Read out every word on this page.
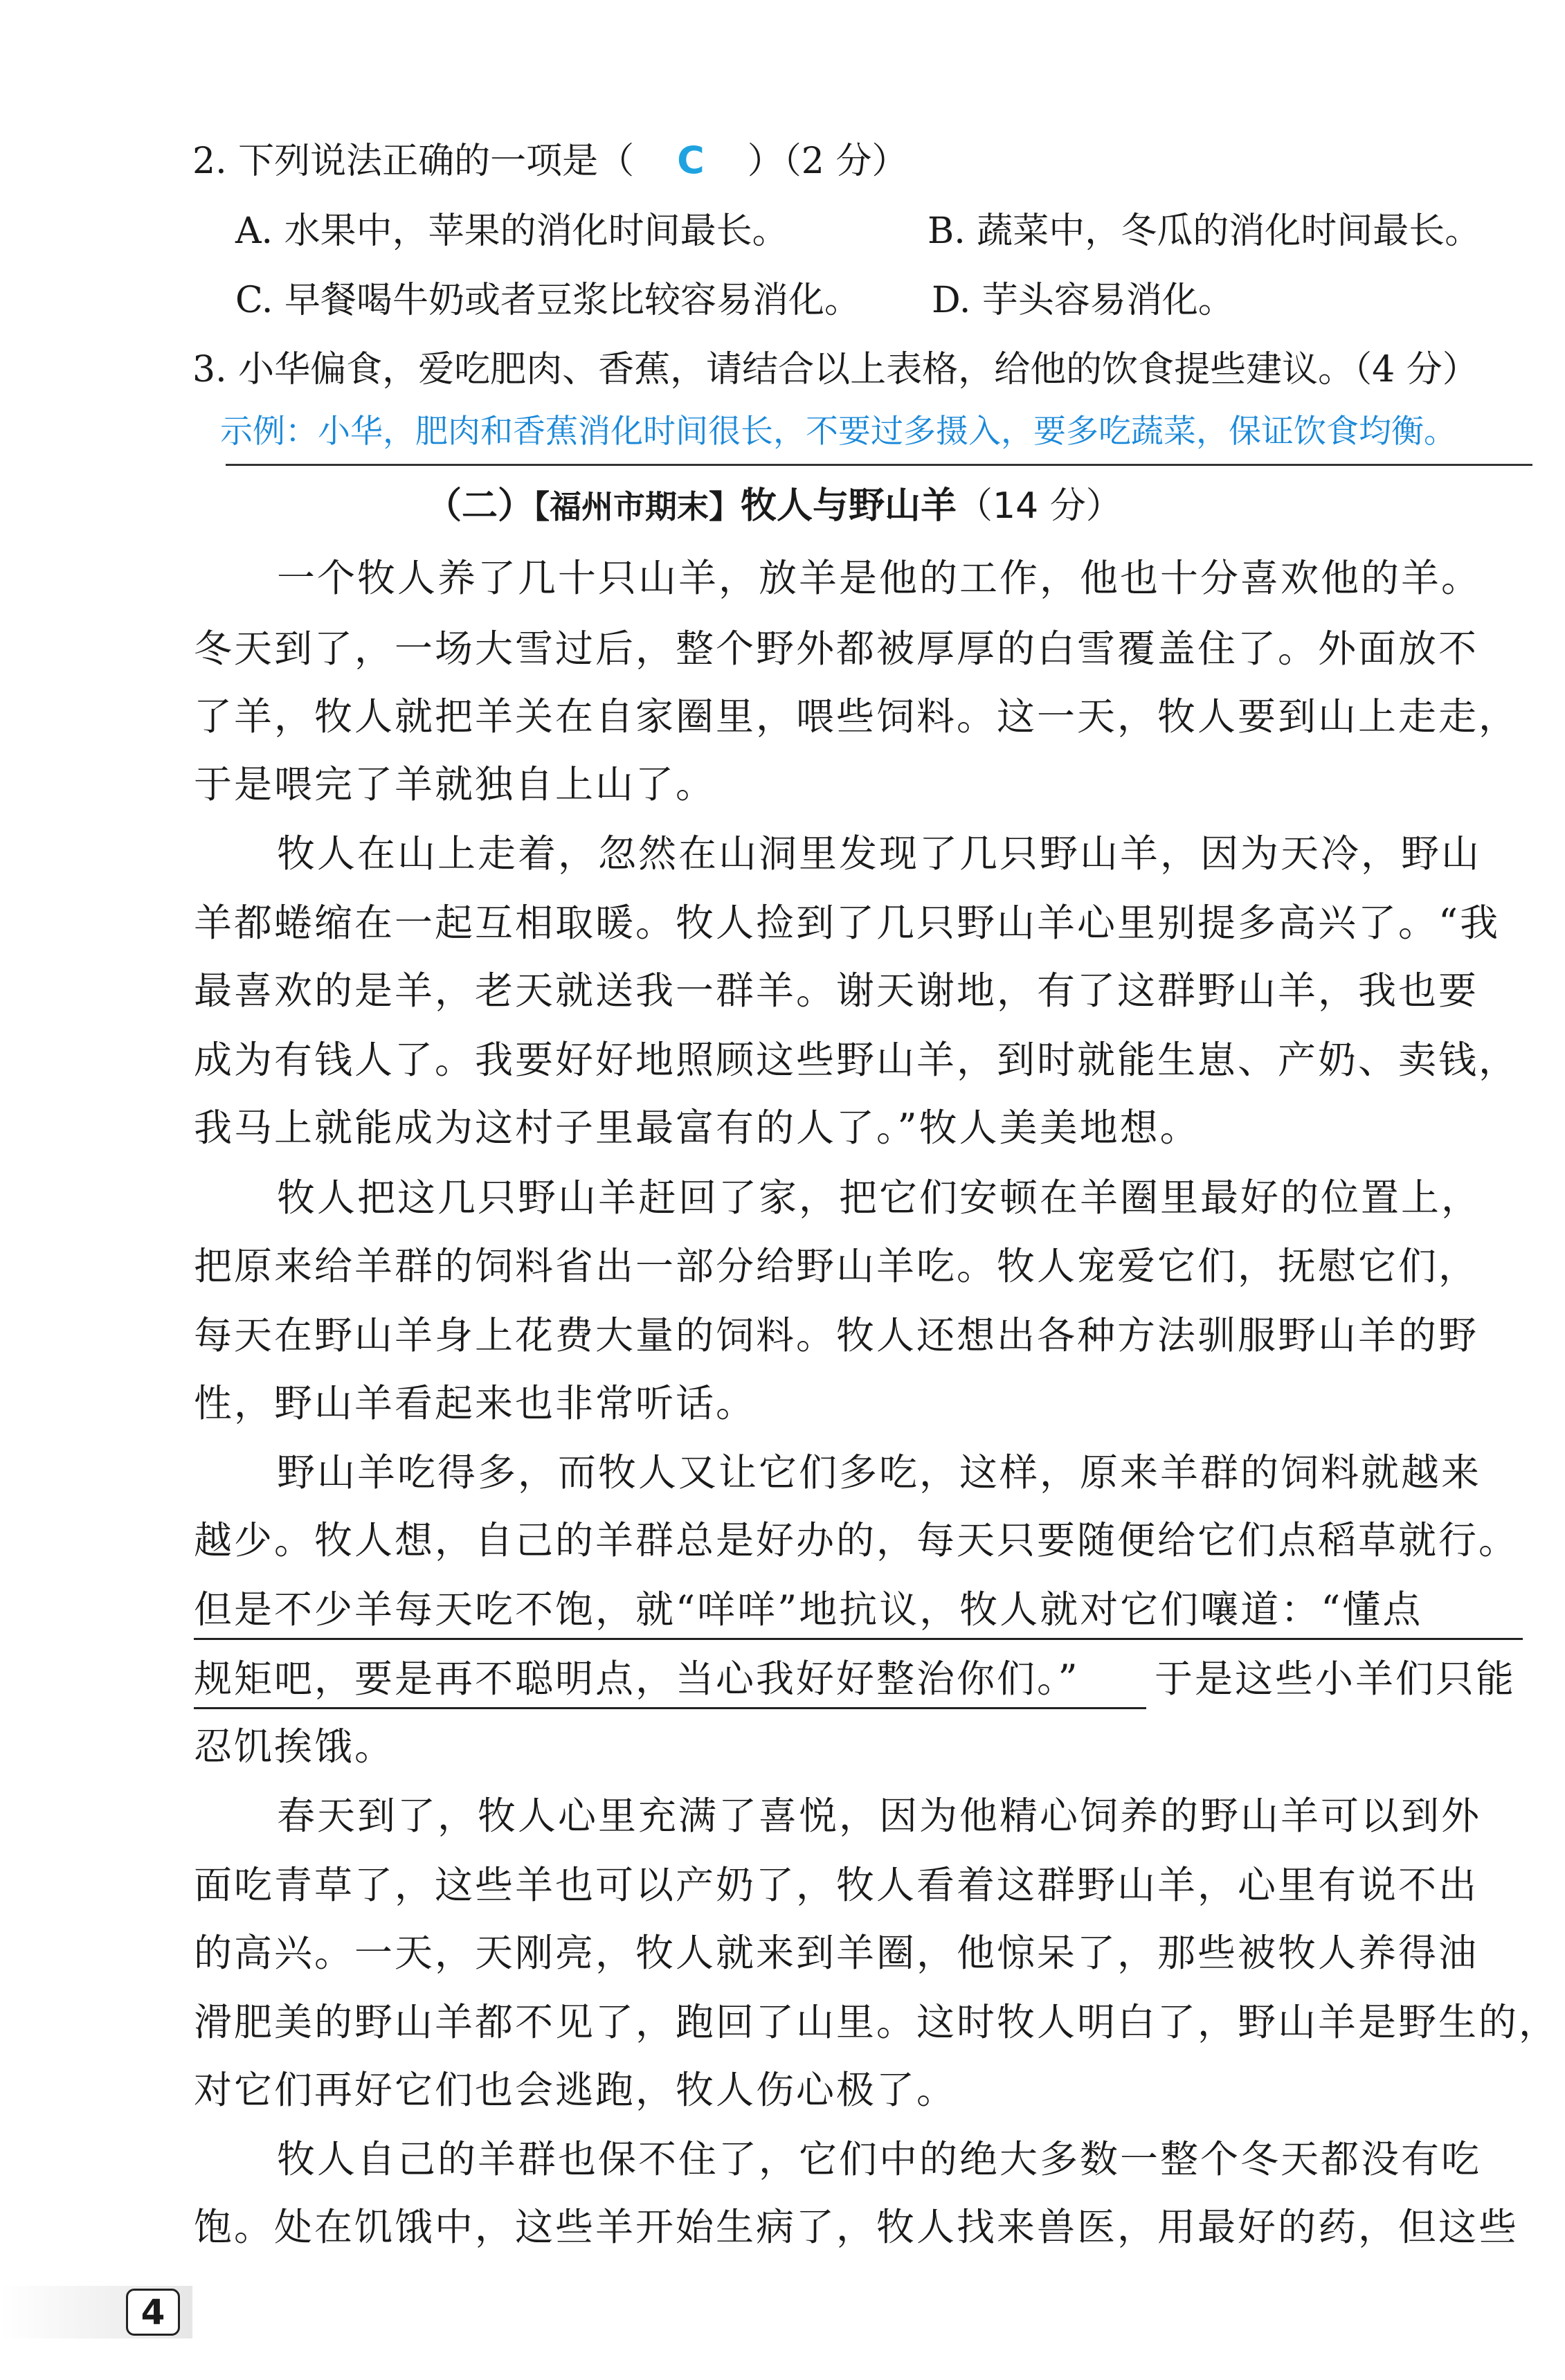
2. 下列说法正确的一项是（ C ）（2 分）
A. 水果中，苹果的消化时间最长。	B. 蔬菜中，冬瓜的消化时间最长。
C. 早餐喝牛奶或者豆浆比较容易消化。 D. 芋头容易消化。
3. 小华偏食，爱吃肥肉、香蕉，请结合以上表格，给他的饮食提些建议。（4 分）
示例：小华，肥肉和香蕉消化时间很长，不要过多摄入，要多吃蔬菜，保证饮食均衡。
（二）【福州市期末】牧人与野山羊（14 分）
一个牧人养了几十只山羊，放羊是他的工作，他也十分喜欢他的羊。
冬天到了，一场大雪过后，整个野外都被厚厚的白雪覆盖住了。外面放不
了羊，牧人就把羊关在自家圈里，喂些饲料。这一天，牧人要到山上走走，
于是喂完了羊就独自上山了。
牧人在山上走着，忽然在山洞里发现了几只野山羊，因为天冷，野山
羊都蜷缩在一起互相取暖。牧人捡到了几只野山羊心里别提多高兴了。“我
最喜欢的是羊，老天就送我一群羊。谢天谢地，有了这群野山羊，我也要
成为有钱人了。我要好好地照顾这些野山羊，到时就能生崽、产奶、卖钱，
我马上就能成为这村子里最富有的人了。”牧人美美地想。
牧人把这几只野山羊赶回了家，把它们安顿在羊圈里最好的位置上，
把原来给羊群的饲料省出一部分给野山羊吃。牧人宠爱它们，抚慰它们，
每天在野山羊身上花费大量的饲料。牧人还想出各种方法驯服野山羊的野
性，野山羊看起来也非常听话。
野山羊吃得多，而牧人又让它们多吃，这样，原来羊群的饲料就越来
越少。牧人想，自己的羊群总是好办的，每天只要随便给它们点稻草就行。
但是不少羊每天吃不饱，就“咩咩”地抗议，牧人就对它们嚷道：“懂点
规矩吧，要是再不聪明点，当心我好好整治你们。”	于是这些小羊们只能
忍饥挨饿。
春天到了，牧人心里充满了喜悦，因为他精心饲养的野山羊可以到外
面吃青草了，这些羊也可以产奶了，牧人看着这群野山羊，心里有说不出
的高兴。一天，天刚亮，牧人就来到羊圈，他惊呆了，那些被牧人养得油
滑肥美的野山羊都不见了，跑回了山里。这时牧人明白了，野山羊是野生的，
对它们再好它们也会逃跑，牧人伤心极了。
牧人自己的羊群也保不住了，它们中的绝大多数一整个冬天都没有吃
饱。处在饥饿中，这些羊开始生病了，牧人找来兽医，用最好的药，但这些
4
